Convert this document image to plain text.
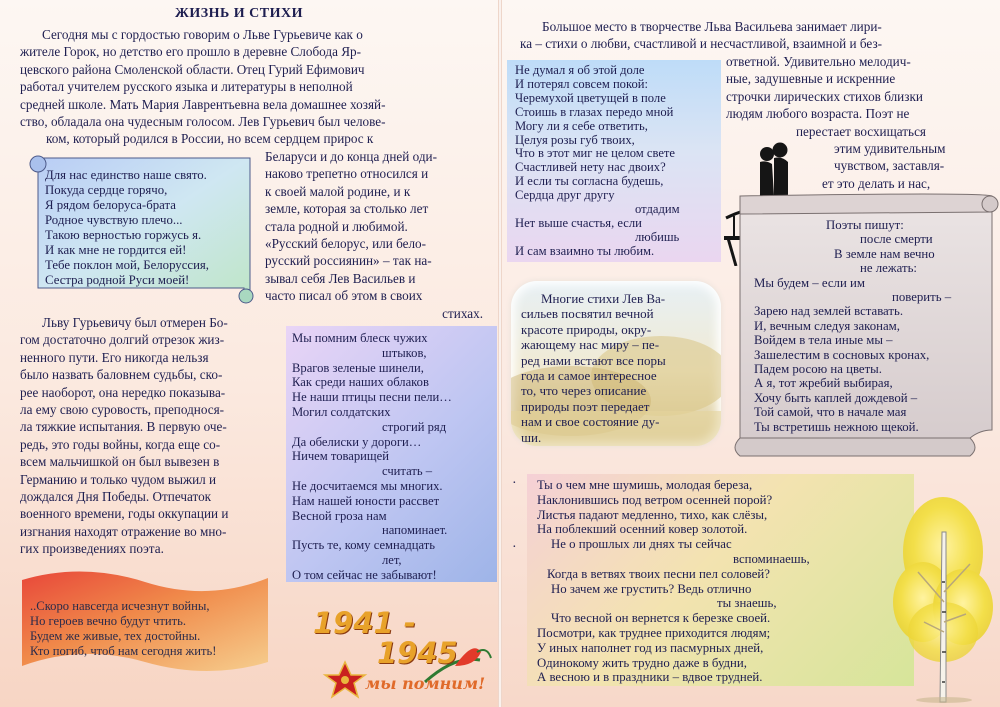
ЖИЗНЬ И СТИХИ
Сегодня мы с гордостью говорим о Льве Гурьевиче как о
жителе Горок, но детство его прошло в деревне Слобода Яр-
цевского района Смоленской области. Отец Гурий Ефимович
работал учителем русского языка и литературы в неполной
средней школе. Мать Мария Лаврентьевна вела домашнее хозяй-
ство, обладала она чудесным голосом. Лев Гурьевич был челове-
ком, который родился в России, но всем сердцем прирос к
Беларуси и до конца дней оди-
наково трепетно относился и
к своей малой родине, и к
земле, которая за столько лет
стала родной и любимой.
«Русский белорус, или бело-
русский россиянин» – так на-
зывал себя Лев Васильев и
часто писал об этом в своих
стихах.
Для нас единство наше свято.
Покуда сердце горячо,
Я рядом белоруса-брата
Родное чувствую плечо...
Такою верностью горжусь я.
И как мне не гордится ей!
Тебе поклон мой, Белоруссия,
Сестра родной Руси моей!
Льву Гурьевичу был отмерен Бо-
гом достаточно долгий отрезок жиз-
ненного пути. Его никогда нельзя
было назвать баловнем судьбы, ско-
рее наоборот, она нередко показыва-
ла ему свою суровость, преподнося-
ла тяжкие испытания. В первую оче-
редь, это годы войны, когда еще со-
всем мальчишкой он был вывезен в
Германию и только чудом выжил и
дождался Дня Победы. Отпечаток
военного времени, годы оккупации и
изгнания находят отражение во мно-
гих произведениях поэта.
Мы помним блеск чужих
штыков,
Врагов зеленые шинели,
Как среди наших облаков
Не наши птицы песни пели…
Могил солдатских
строгий ряд
Да обелиски у дороги…
Ничем товарищей
считать –
Не досчитаемся мы многих.
Нам нашей юности рассвет
Весной гроза нам
напоминает.
Пусть те, кому семнадцать
лет,
О том сейчас не забывают!
..Скоро навсегда исчезнут войны,
Но героев вечно будут чтить.
Будем же живые, тех достойны.
Кто погиб, чтоб нам сегодня жить!
1941 -
1945
мы помним!
Большое место в творчестве Льва Васильева занимает лири-
ка – стихи о любви, счастливой и несчастливой, взаимной и без-
ответной. Удивительно мелодич-
ные, задушевные и искренние
строчки лирических стихов близки
людям любого возраста. Поэт не
перестает восхищаться
этим удивительным
чувством, заставля-
ет это делать и нас,
Не думал я об этой доле
И потерял совсем покой:
Черемухой цветущей в поле
Стоишь в глазах передо мной
Могу ли я себе ответить,
Целуя розы губ твоих,
Что в этот миг не целом свете
Счастливей нету нас двоих?
И если ты согласна будешь,
Сердца друг другу
отдадим
Нет выше счастья, если
любишь
И сам взаимно ты любим.
Многие стихи Лев Ва-
сильев посвятил вечной
красоте природы, окру-
жающему нас миру – пе-
ред нами встают все поры
года и самое интересное
то, что через описание
природы поэт передает
нам и свое состояние ду-
ши.
Поэты пишут:
после смерти
В земле нам вечно
не лежать:
Мы будем – если им
поверить –
Зарею над землей вставать.
И, вечным следуя законам,
Войдем в тела иные мы –
Зашелестим в сосновых кронах,
Падем росою на цветы.
А я, тот жребий выбирая,
Хочу быть каплей дождевой –
Той самой, что в начале мая
Ты встретишь нежною щекой.
·
·
Ты о чем мне шумишь, молодая береза,
Наклонившись под ветром осенней порой?
Листья падают медленно, тихо, как слёзы,
На поблекший осенний ковер золотой.
Не о прошлых ли днях ты сейчас
вспоминаешь,
Когда в ветвях твоих песни пел соловей?
Но зачем же грустить? Ведь отлично
ты знаешь,
Что весной он вернется к березке своей.
Посмотри, как труднее приходится людям;
У иных наполнет год из пасмурных дней,
Одинокому жить трудно даже в будни,
А весною и в праздники – вдвое трудней.
